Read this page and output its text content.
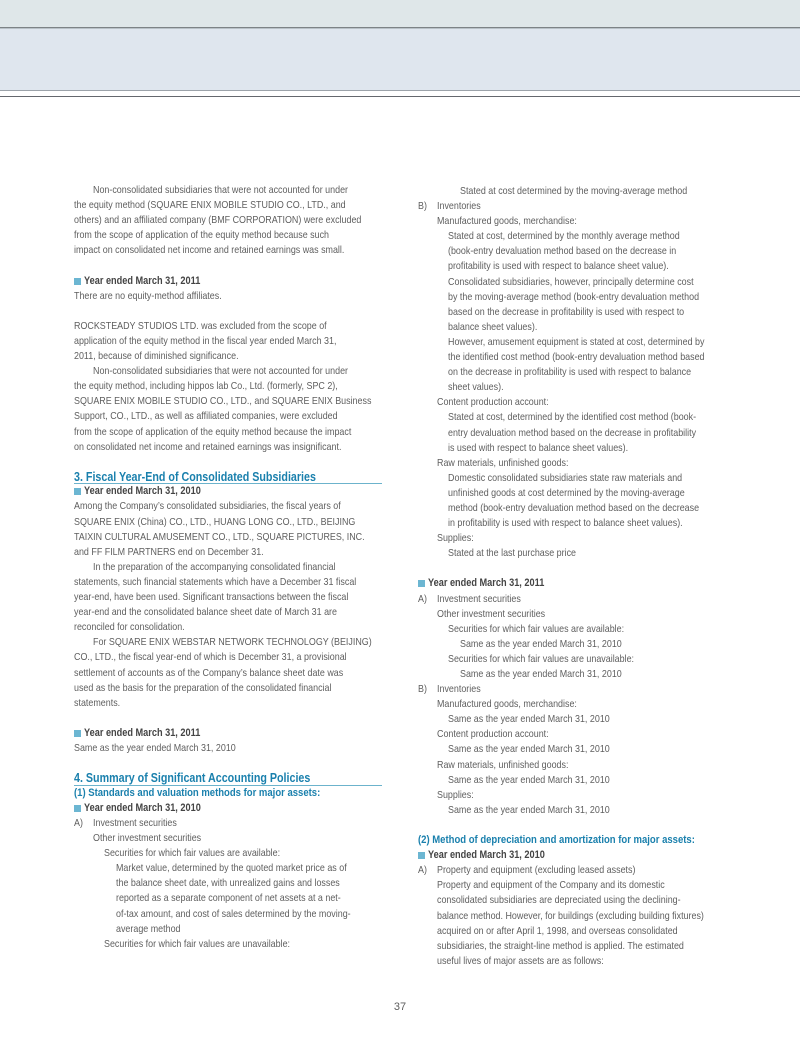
Non-consolidated subsidiaries that were not accounted for under
the equity method (SQUARE ENIX MOBILE STUDIO CO., LTD., and
others) and an affiliated company (BMF CORPORATION) were excluded
from the scope of application of the equity method because such
impact on consolidated net income and retained earnings was small.
Year ended March 31, 2011
There are no equity-method affiliates.
ROCKSTEADY STUDIOS LTD. was excluded from the scope of
application of the equity method in the fiscal year ended March 31,
2011, because of diminished significance.
Non-consolidated subsidiaries that were not accounted for under
the equity method, including hippos lab Co., Ltd. (formerly, SPC 2),
SQUARE ENIX MOBILE STUDIO CO., LTD., and SQUARE ENIX Business
Support, CO., LTD., as well as affiliated companies, were excluded
from the scope of application of the equity method because the impact
on consolidated net income and retained earnings was insignificant.
3. Fiscal Year-End of Consolidated Subsidiaries
Year ended March 31, 2010
Among the Company’s consolidated subsidiaries, the fiscal years of
SQUARE ENIX (China) CO., LTD., HUANG LONG CO., LTD., BEIJING
TAIXIN CULTURAL AMUSEMENT CO., LTD., SQUARE PICTURES, INC.
and FF FILM PARTNERS end on December 31.
In the preparation of the accompanying consolidated financial
statements, such financial statements which have a December 31 fiscal
year-end, have been used. Significant transactions between the fiscal
year-end and the consolidated balance sheet date of March 31 are
reconciled for consolidation.
For SQUARE ENIX WEBSTAR NETWORK TECHNOLOGY (BEIJING)
CO., LTD., the fiscal year-end of which is December 31, a provisional
settlement of accounts as of the Company’s balance sheet date was
used as the basis for the preparation of the consolidated financial
statements.
Year ended March 31, 2011
Same as the year ended March 31, 2010
4. Summary of Significant Accounting Policies
(1) Standards and valuation methods for major assets:
Year ended March 31, 2010
A) Investment securities
Other investment securities
Securities for which fair values are available:
Market value, determined by the quoted market price as of
the balance sheet date, with unrealized gains and losses
reported as a separate component of net assets at a net-
of-tax amount, and cost of sales determined by the moving-
average method
Securities for which fair values are unavailable:
Stated at cost determined by the moving-average method
B) Inventories
Manufactured goods, merchandise:
Stated at cost, determined by the monthly average method
(book-entry devaluation method based on the decrease in
profitability is used with respect to balance sheet value).
Consolidated subsidiaries, however, principally determine cost
by the moving-average method (book-entry devaluation method
based on the decrease in profitability is used with respect to
balance sheet values).
However, amusement equipment is stated at cost, determined by
the identified cost method (book-entry devaluation method based
on the decrease in profitability is used with respect to balance
sheet values).
Content production account:
Stated at cost, determined by the identified cost method (book-
entry devaluation method based on the decrease in profitability
is used with respect to balance sheet values).
Raw materials, unfinished goods:
Domestic consolidated subsidiaries state raw materials and
unfinished goods at cost determined by the moving-average
method (book-entry devaluation method based on the decrease
in profitability is used with respect to balance sheet values).
Supplies:
Stated at the last purchase price
Year ended March 31, 2011
A) Investment securities
Other investment securities
Securities for which fair values are available:
Same as the year ended March 31, 2010
Securities for which fair values are unavailable:
Same as the year ended March 31, 2010
B) Inventories
Manufactured goods, merchandise:
Same as the year ended March 31, 2010
Content production account:
Same as the year ended March 31, 2010
Raw materials, unfinished goods:
Same as the year ended March 31, 2010
Supplies:
Same as the year ended March 31, 2010
(2) Method of depreciation and amortization for major assets:
Year ended March 31, 2010
A) Property and equipment (excluding leased assets)
Property and equipment of the Company and its domestic
consolidated subsidiaries are depreciated using the declining-
balance method. However, for buildings (excluding building fixtures)
acquired on or after April 1, 1998, and overseas consolidated
subsidiaries, the straight-line method is applied. The estimated
useful lives of major assets are as follows:
37
